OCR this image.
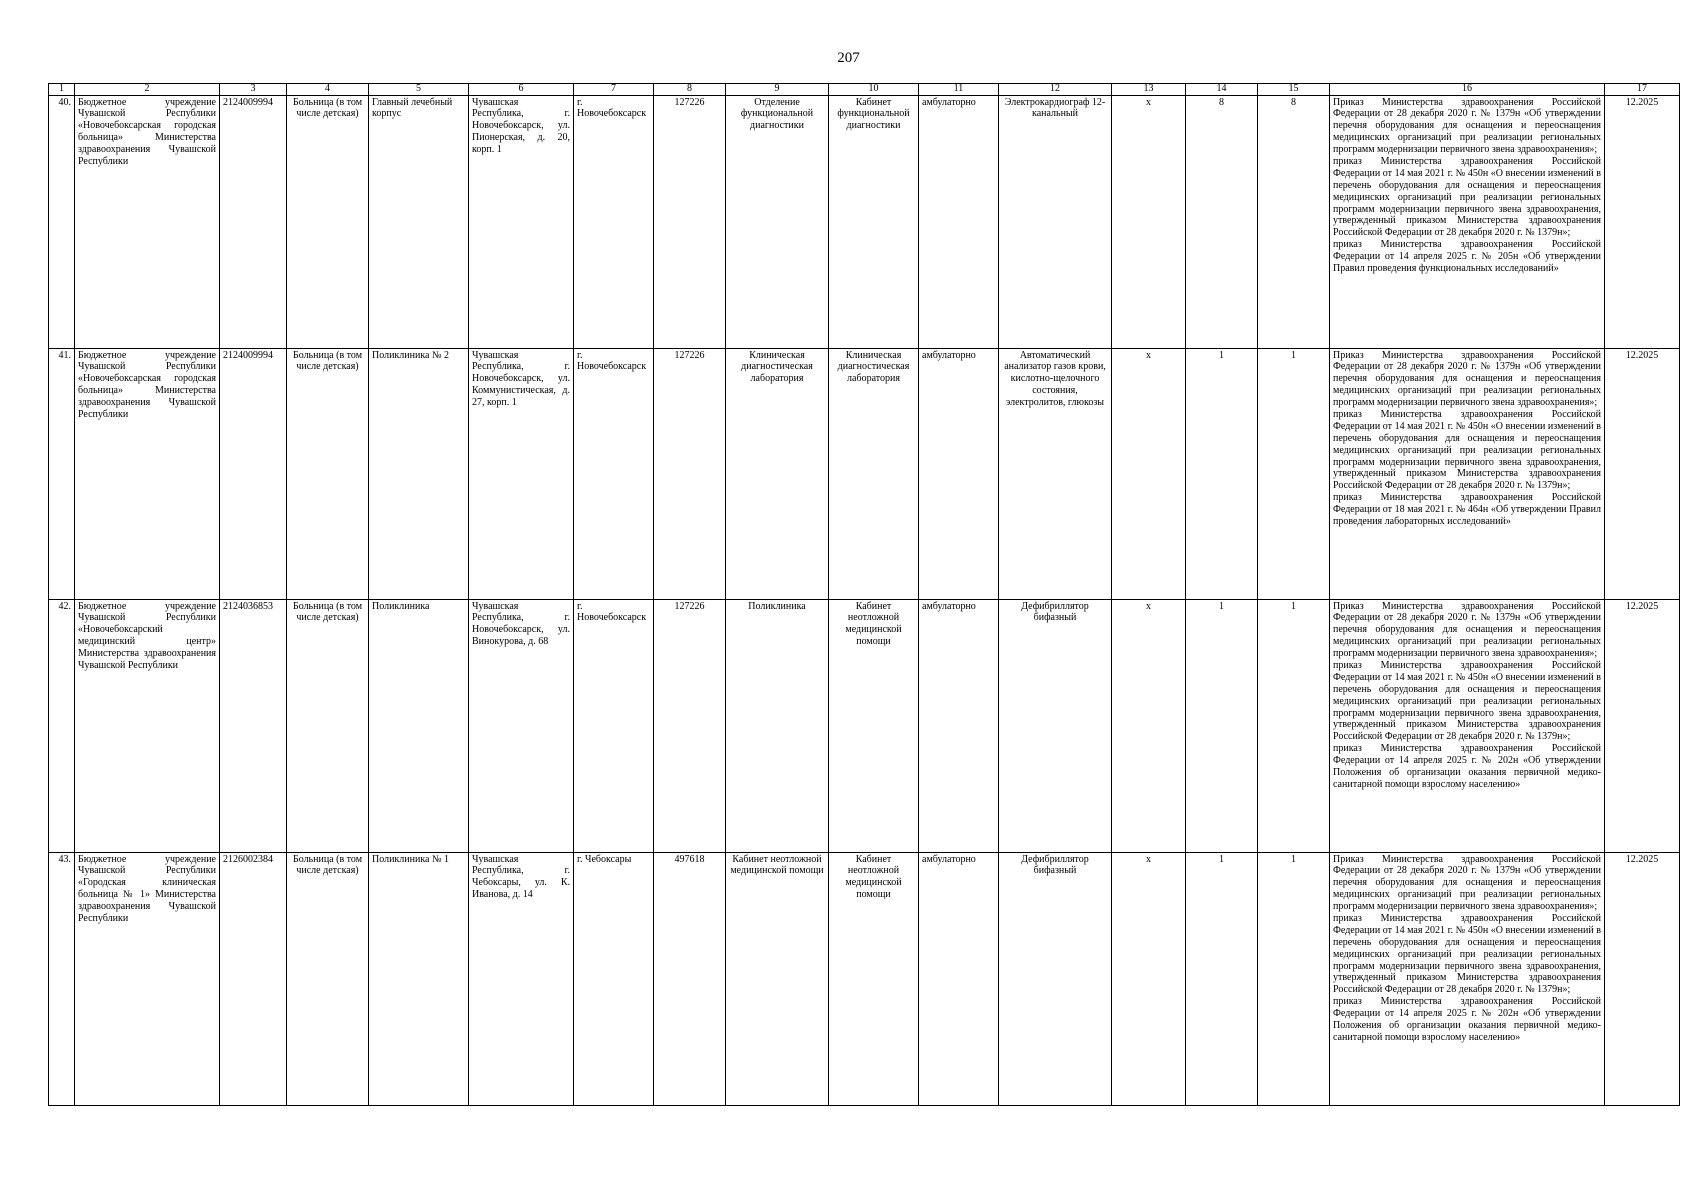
207
1	2	3	4	5	6	7	8	9	10	11	12	13	14	15	16	17
40.	Бюджетное учреждение Чувашской Республики «Новочебоксарская городская больница» Министерства здравоохранения Чувашской Республики	2124009994	Больница (в том числе детская)	Главный лечебный корпус	Чувашская Республика, г. Новочебоксарск, ул. Пионерская, д. 20, корп. 1	г. Новочебоксарск	127226	Отделение функциональной диагностики	Кабинет функциональной диагностики	амбулаторно	Электрокардиограф 12-канальный	х	8	8	Приказ Министерства здравоохранения Российской Федерации от 28 декабря 2020 г. № 1379н «Об утверждении перечня оборудования для оснащения и переоснащения медицинских организаций при реализации региональных программ модернизации первичного звена здравоохранения»;
приказ Министерства здравоохранения Российской Федерации от 14 мая 2021 г. № 450н «О внесении изменений в перечень оборудования для оснащения и переоснащения медицинских организаций при реализации региональных программ модернизации первичного звена здравоохранения, утвержденный приказом Министерства здравоохранения Российской Федерации от 28 декабря 2020 г. № 1379н»;
приказ Министерства здравоохранения Российской Федерации от 14 апреля 2025 г. № 205н «Об утверждении Правил проведения функциональных исследований»	12.2025
41.	Бюджетное учреждение Чувашской Республики «Новочебоксарская городская больница» Министерства здравоохранения Чувашской Республики	2124009994	Больница (в том числе детская)	Поликлиника № 2	Чувашская Республика, г. Новочебоксарск, ул. Коммунистическая, д. 27, корп. 1	г. Новочебоксарск	127226	Клиническая диагностическая лаборатория	Клиническая диагностическая лаборатория	амбулаторно	Автоматический анализатор газов крови, кислотно-щелочного состояния, электролитов, глюкозы	х	1	1	Приказ Министерства здравоохранения Российской Федерации от 28 декабря 2020 г. № 1379н «Об утверждении перечня оборудования для оснащения и переоснащения медицинских организаций при реализации региональных программ модернизации первичного звена здравоохранения»;
приказ Министерства здравоохранения Российской Федерации от 14 мая 2021 г. № 450н «О внесении изменений в перечень оборудования для оснащения и переоснащения медицинских организаций при реализации региональных программ модернизации первичного звена здравоохранения, утвержденный приказом Министерства здравоохранения Российской Федерации от 28 декабря 2020 г. № 1379н»;
приказ Министерства здравоохранения Российской Федерации от 18 мая 2021 г. № 464н «Об утверждении Правил проведения лабораторных исследований»	12.2025
42.	Бюджетное учреждение Чувашской Республики «Новочебоксарский медицинский центр» Министерства здравоохранения Чувашской Республики	2124036853	Больница (в том числе детская)	Поликлиника	Чувашская Республика, г. Новочебоксарск, ул. Винокурова, д. 68	г. Новочебоксарск	127226	Поликлиника	Кабинет неотложной медицинской помощи	амбулаторно	Дефибриллятор бифазный	х	1	1	Приказ Министерства здравоохранения Российской Федерации от 28 декабря 2020 г. № 1379н «Об утверждении перечня оборудования для оснащения и переоснащения медицинских организаций при реализации региональных программ модернизации первичного звена здравоохранения»;
приказ Министерства здравоохранения Российской Федерации от 14 мая 2021 г. № 450н «О внесении изменений в перечень оборудования для оснащения и переоснащения медицинских организаций при реализации региональных программ модернизации первичного звена здравоохранения, утвержденный приказом Министерства здравоохранения Российской Федерации от 28 декабря 2020 г. № 1379н»;
приказ Министерства здравоохранения Российской Федерации от 14 апреля 2025 г. № 202н «Об утверждении Положения об организации оказания первичной медико-санитарной помощи взрослому населению»	12.2025
43.	Бюджетное учреждение Чувашской Республики «Городская клиническая больница № 1» Министерства здравоохранения Чувашской Республики	2126002384	Больница (в том числе детская)	Поликлиника № 1	Чувашская Республика, г. Чебоксары, ул. К. Иванова, д. 14	г. Чебоксары	497618	Кабинет неотложной медицинской помощи	Кабинет неотложной медицинской помощи	амбулаторно	Дефибриллятор бифазный	х	1	1	Приказ Министерства здравоохранения Российской Федерации от 28 декабря 2020 г. № 1379н «Об утверждении перечня оборудования для оснащения и переоснащения медицинских организаций при реализации региональных программ модернизации первичного звена здравоохранения»;
приказ Министерства здравоохранения Российской Федерации от 14 мая 2021 г. № 450н «О внесении изменений в перечень оборудования для оснащения и переоснащения медицинских организаций при реализации региональных программ модернизации первичного звена здравоохранения, утвержденный приказом Министерства здравоохранения Российской Федерации от 28 декабря 2020 г. № 1379н»;
приказ Министерства здравоохранения Российской Федерации от 14 апреля 2025 г. № 202н «Об утверждении Положения об организации оказания первичной медико-санитарной помощи взрослому населению»	12.2025
